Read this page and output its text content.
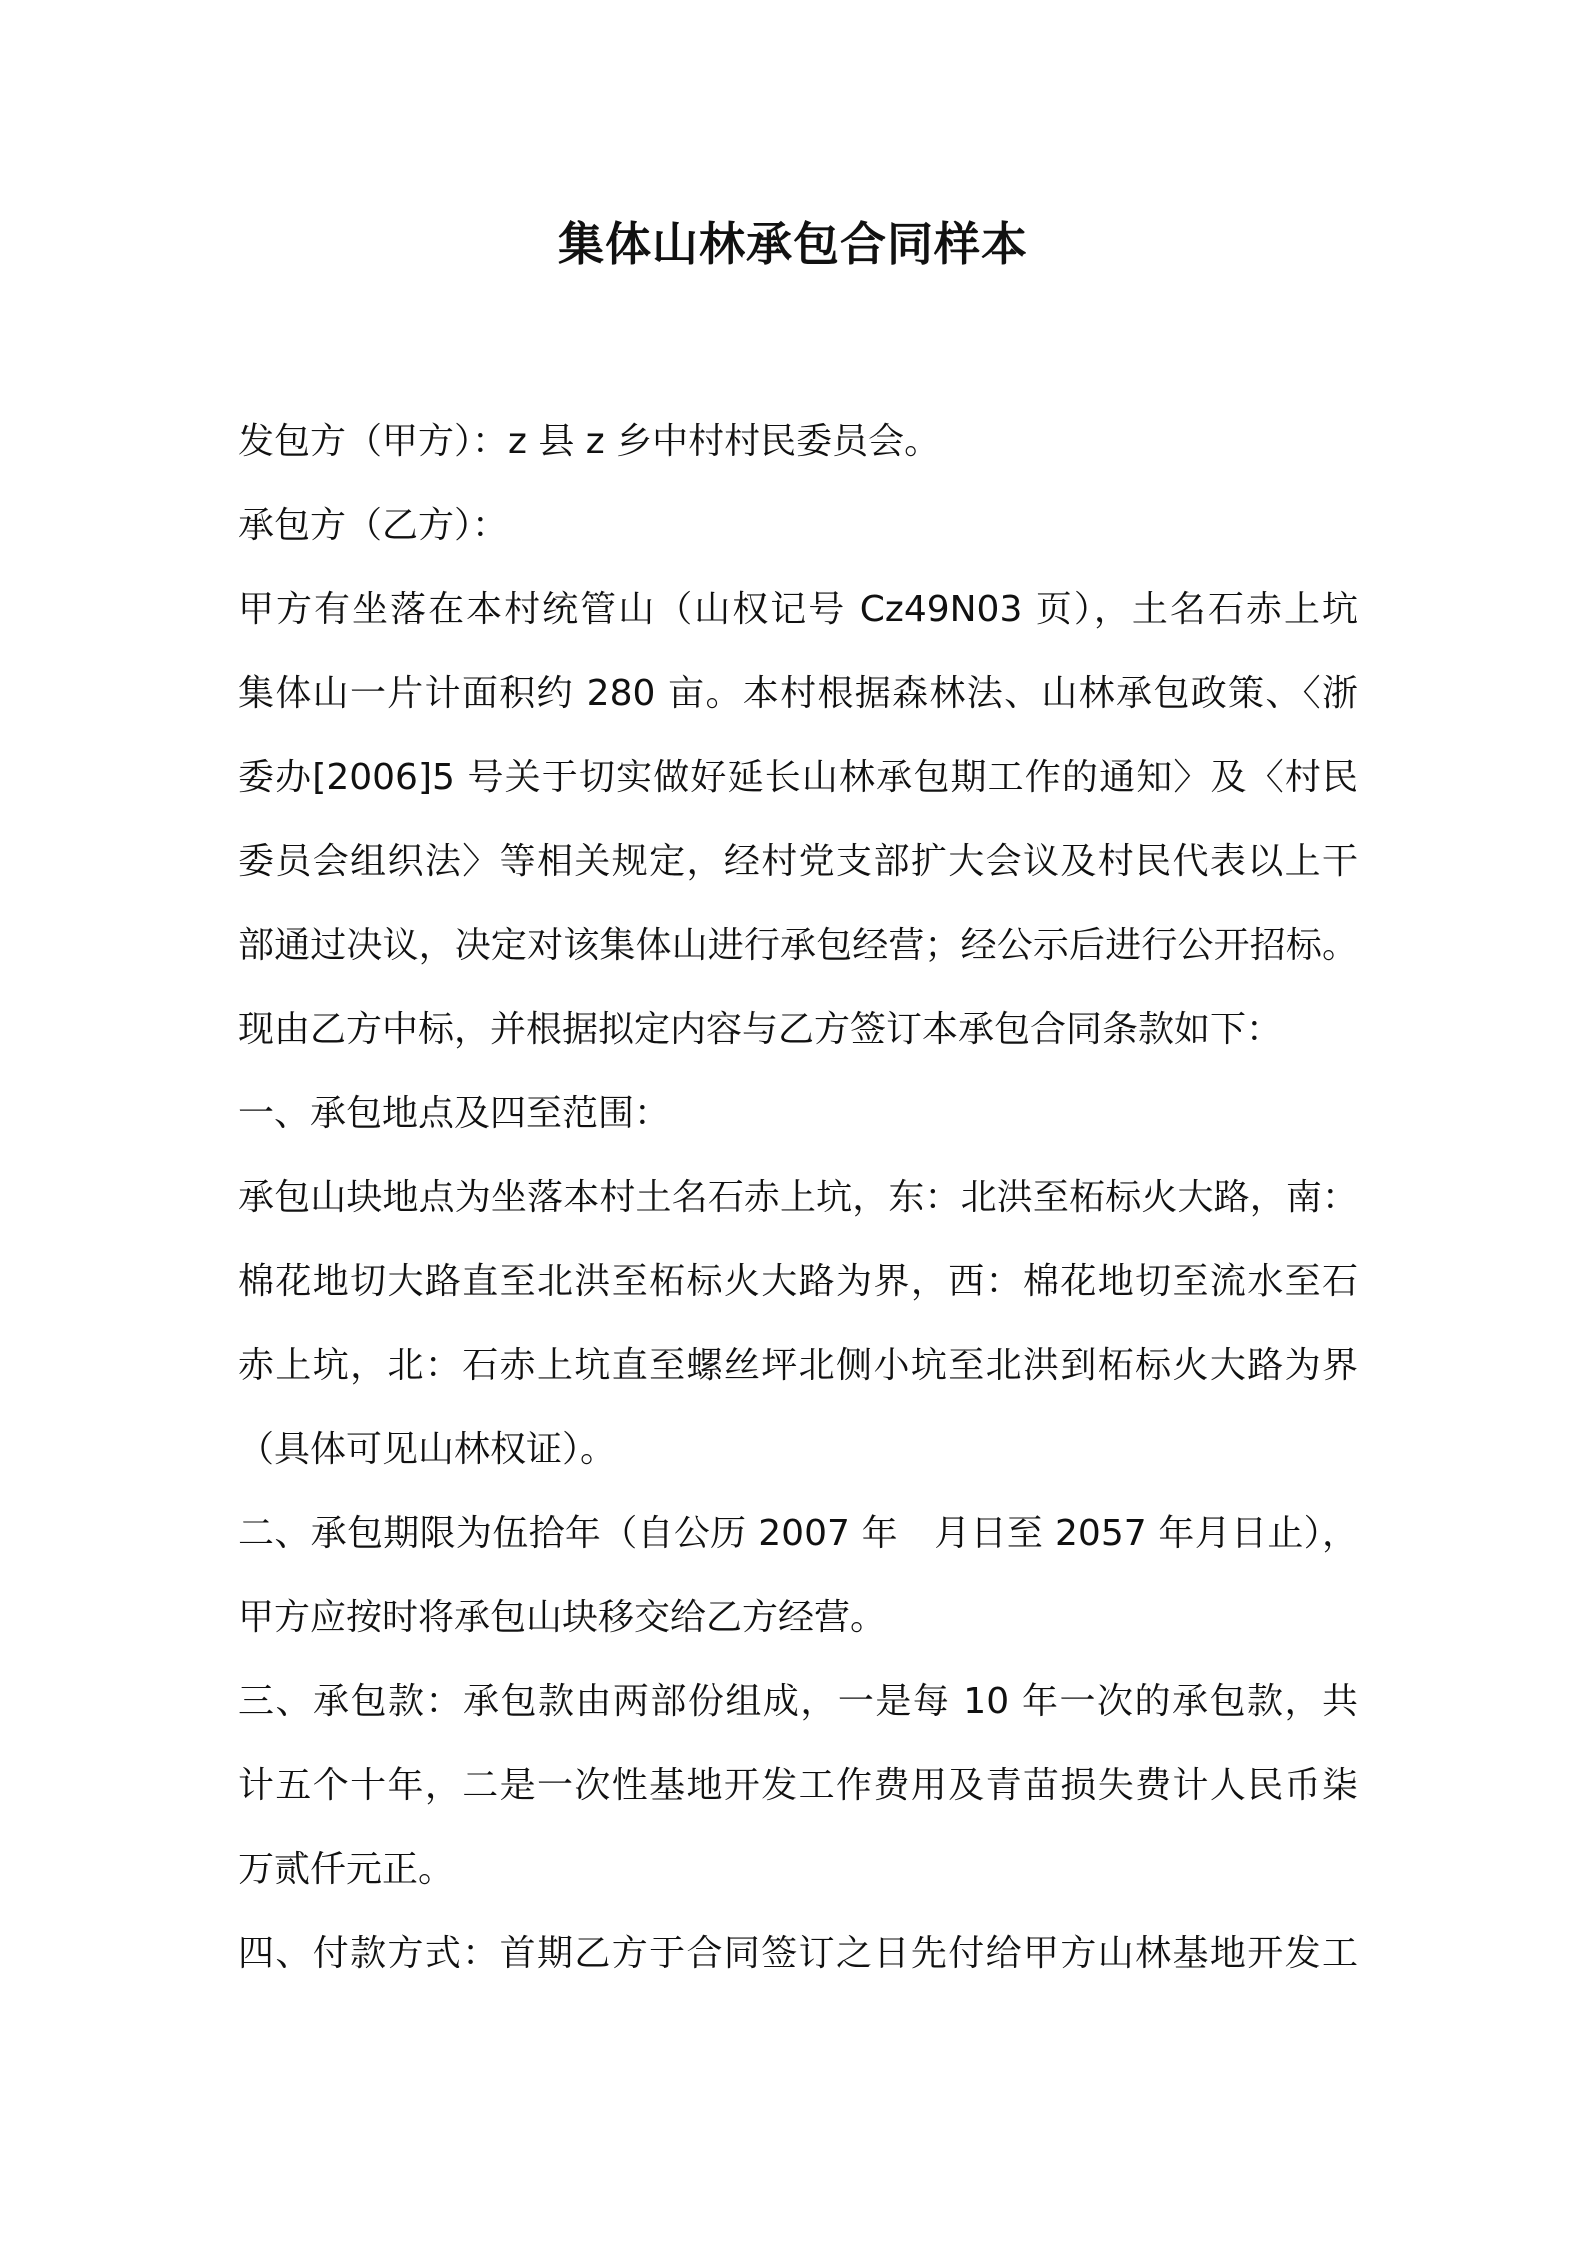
集体山林承包合同样本
发包方（甲方）：z 县 z 乡中村村民委员会。
承包方（乙方）：
甲方有坐落在本村统管山（山权记号 Cz49N03 页），土名石赤上坑
集体山一片计面积约 280 亩。本村根据森林法、山林承包政策、〈浙
委办[2006]5 号关于切实做好延长山林承包期工作的通知〉及〈村民
委员会组织法〉等相关规定，经村党支部扩大会议及村民代表以上干
部通过决议，决定对该集体山进行承包经营；经公示后进行公开招标。
现由乙方中标，并根据拟定内容与乙方签订本承包合同条款如下：
一、承包地点及四至范围：
承包山块地点为坐落本村土名石赤上坑，东：北洪至柘标火大路，南：
棉花地切大路直至北洪至柘标火大路为界，西：棉花地切至流水至石
赤上坑，北：石赤上坑直至螺丝坪北侧小坑至北洪到柘标火大路为界
（具体可见山林权证）。
二、承包期限为伍拾年（自公历 2007 年　月日至 2057 年月日止），
甲方应按时将承包山块移交给乙方经营。
三、承包款：承包款由两部份组成，一是每 10 年一次的承包款，共
计五个十年，二是一次性基地开发工作费用及青苗损失费计人民币柒
万贰仟元正。
四、付款方式：首期乙方于合同签订之日先付给甲方山林基地开发工
